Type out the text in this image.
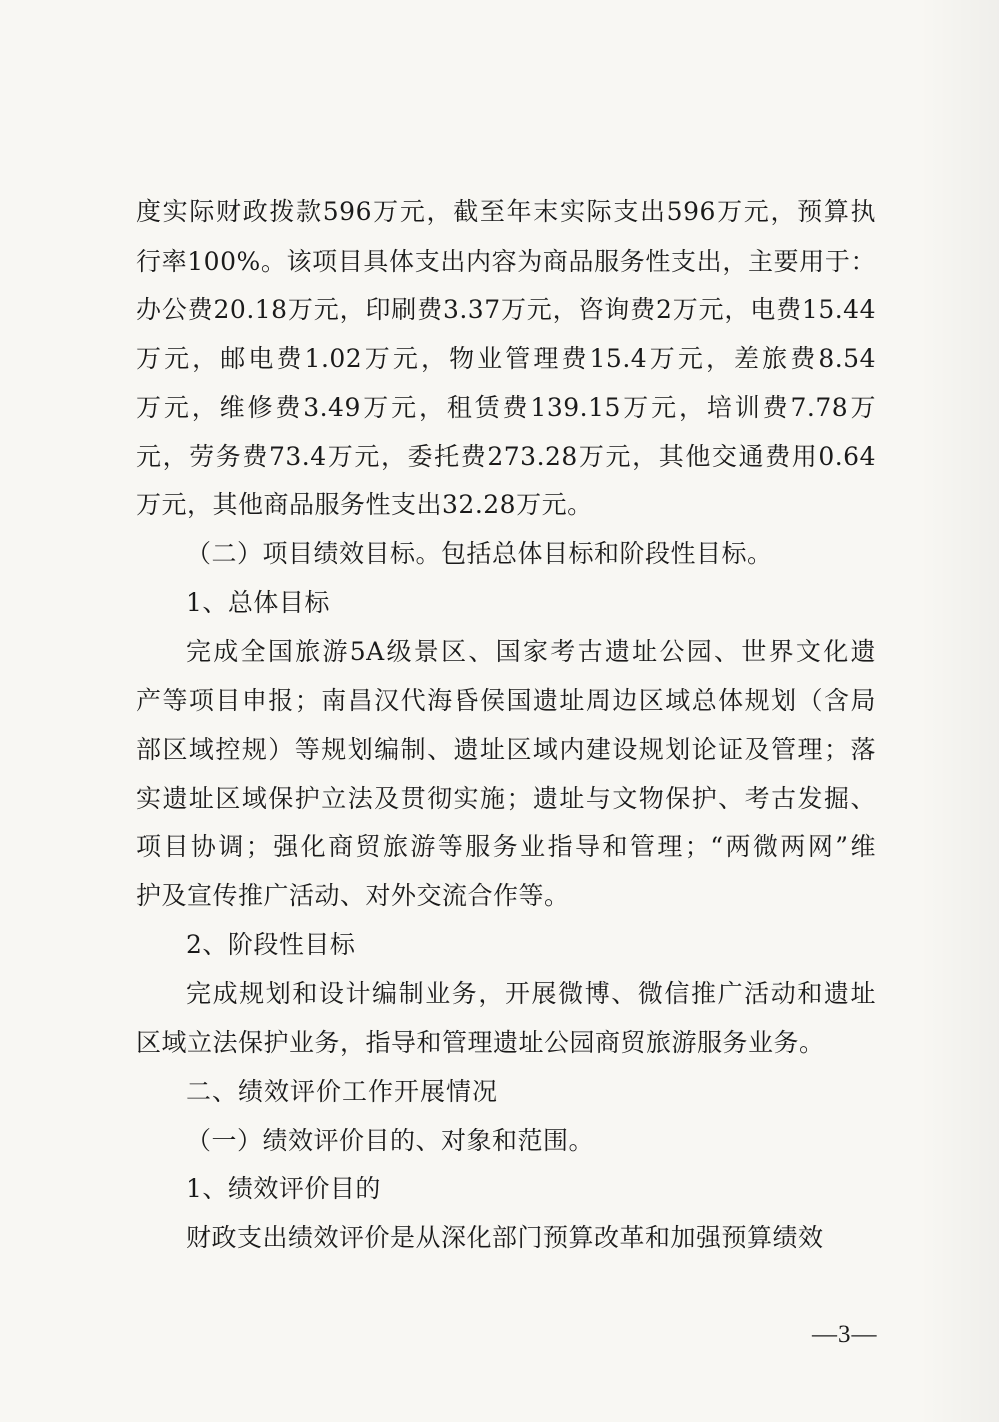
度实际财政拨款596万元，截至年末实际支出596万元，预算执
行率100%。该项目具体支出内容为商品服务性支出，主要用于：
办公费20.18万元，印刷费3.37万元，咨询费2万元，电费15.44
万元，邮电费1.02万元，物业管理费15.4万元，差旅费8.54
万元，维修费3.49万元，租赁费139.15万元，培训费7.78万
元，劳务费73.4万元，委托费273.28万元，其他交通费用0.64
万元，其他商品服务性支出32.28万元。
（二）项目绩效目标。包括总体目标和阶段性目标。
1、总体目标
完成全国旅游5A级景区、国家考古遗址公园、世界文化遗
产等项目申报；南昌汉代海昏侯国遗址周边区域总体规划（含局
部区域控规）等规划编制、遗址区域内建设规划论证及管理；落
实遗址区域保护立法及贯彻实施；遗址与文物保护、考古发掘、
项目协调；强化商贸旅游等服务业指导和管理；“两微两网”维
护及宣传推广活动、对外交流合作等。
2、阶段性目标
完成规划和设计编制业务，开展微博、微信推广活动和遗址
区域立法保护业务，指导和管理遗址公园商贸旅游服务业务。
二、绩效评价工作开展情况
（一）绩效评价目的、对象和范围。
1、绩效评价目的
财政支出绩效评价是从深化部门预算改革和加强预算绩效
—3—
